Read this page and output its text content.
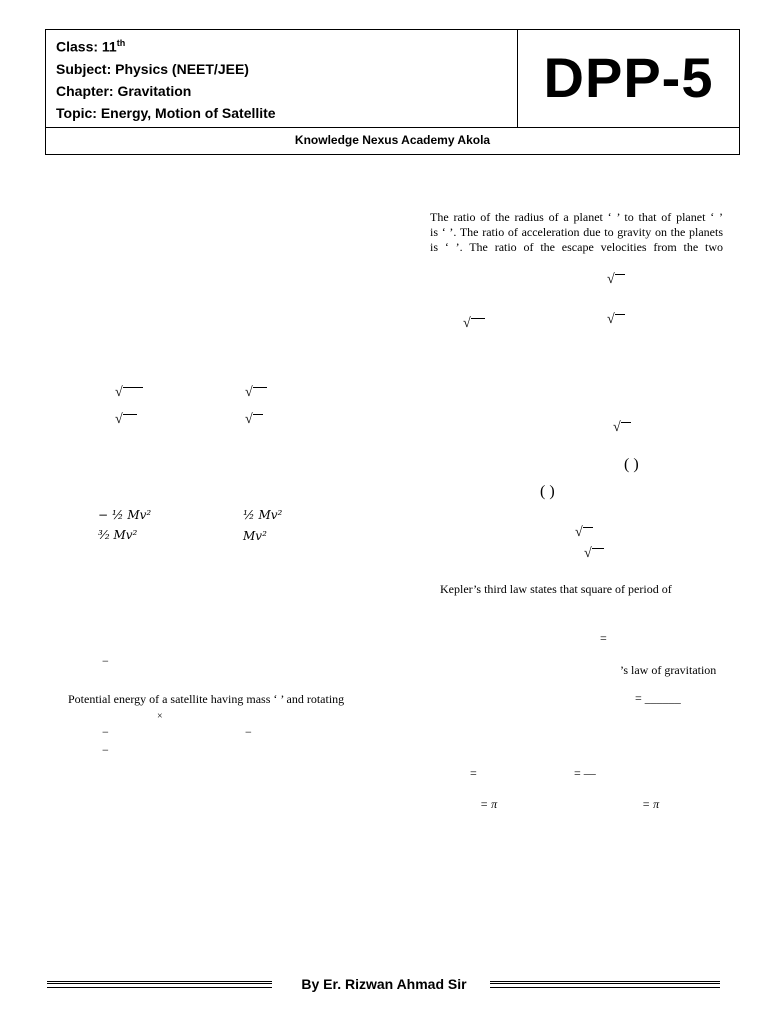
Class: 11th
Subject: Physics (NEET/JEE)
Chapter: Gravitation
Topic: Energy, Motion of Satellite
DPP-5
Knowledge Nexus Academy Akola
The ratio of the radius of a planet ‘ ’ to that of planet ‘ ’
is ‘ ’. The ratio of acceleration due to gravity on the planets
is ‘ ’. The ratio of the escape velocities from the two
√
√	√
√
( )
( )
√
√
Kepler’s third law states that square of period of
=
’s law of gravitation
= ______
=	= —
= π	= π
√	√
√	√
− ½ Mv²	½ Mv²
³⁄₂ Mv²	Mv²
−
Potential energy of a satellite having mass ‘ ’ and rotating
×
−	−
−
By Er. Rizwan Ahmad Sir
